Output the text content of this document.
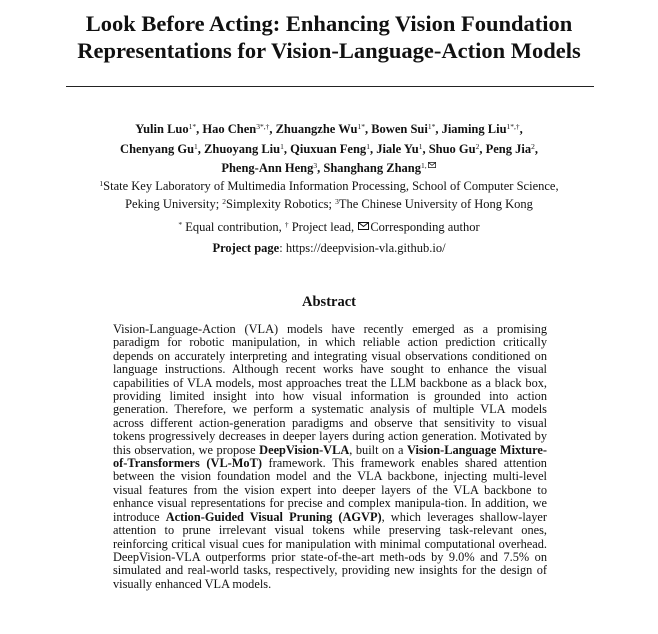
Look Before Acting: Enhancing Vision Foundation
Representations for Vision-Language-Action Models
Yulin Luo$^{1*}$, Hao Chen$^{3*,\dagger}$, Zhuangzhe $Wu^{1*}$, Bowen Sui$^{1*}$, Jiaming Liu$^{1*,\dagger}$,
Chenyang Gu$^1$, Zhuoyang Liu$^1$, Qiuxuan Feng$^1$, Jiale Yu$^1$, Shuo Gu$^2$, Peng Jia$^2$,
Pheng-Ann Heng$^3$, Shanghang Zhang$^{1,}$
$^1$State Key Laboratory of Multimedia Information Processing, School of Computer Science,
Peking University; $^2$Simplexity Robotics; $^3$The Chinese University of Hong Kong
* Equal contribution, † Project lead, Corresponding author
Project page: https://deepvision-vla.github.io/
Abstract
Vision-Language-Action (VLA) models have recently emerged as a promising paradigm for robotic manipulation, in which reliable action prediction critically depends on accurately interpreting and integrating visual observations conditioned on language instructions. Although recent works have sought to enhance the visual capabilities of VLA models, most approaches treat the LLM backbone as a black box, providing limited insight into how visual information is grounded into action generation. Therefore, we perform a systematic analysis of multiple VLA models across different action-generation paradigms and observe that sensitivity to visual tokens progressively decreases in deeper layers during action generation. Motivated by this observation, we propose DeepVision-VLA, built on a Vision-Language Mixture-of-Transformers (VL-MoT) framework. This framework enables shared attention between the vision foundation model and the VLA backbone, injecting multi-level visual features from the vision expert into deeper layers of the VLA backbone to enhance visual representations for precise and complex manipula-tion. In addition, we introduce Action-Guided Visual Pruning (AGVP), which leverages shallow-layer attention to prune irrelevant visual tokens while preserving task-relevant ones, reinforcing critical visual cues for manipulation with minimal computational overhead. DeepVision-VLA outperforms prior state-of-the-art meth-ods by 9.0% and 7.5% on simulated and real-world tasks, respectively, providing new insights for the design of visually enhanced VLA models.
